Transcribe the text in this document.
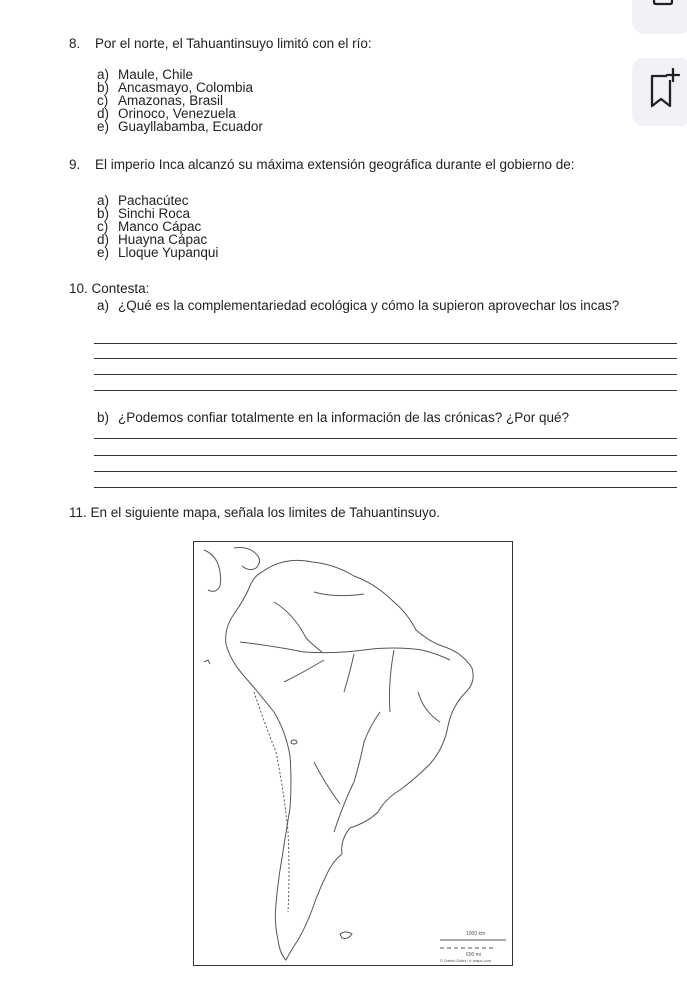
8. Por el norte, el Tahuantinsuyo limitó con el río:
a) Maule, Chile
b) Ancasmayo, Colombia
c) Amazonas, Brasil
d) Orinoco, Venezuela
e) Guayllabamba, Ecuador
9. El imperio Inca alcanzó su máxima extensión geográfica durante el gobierno de:
a) Pachacútec
b) Sinchi Roca
c) Manco Cápac
d) Huayna Cápac
e) Lloque Yupanqui
10. Contesta:
a) ¿Qué es la complementariedad ecológica y cómo la supieron aprovechar los incas?
b) ¿Podemos confiar totalmente en la información de las crónicas? ¿Por qué?
11. En el siguiente mapa, señala los limites de Tahuantinsuyo.
1000 km
600 mi
© Daniel Dalet / d-maps.com
